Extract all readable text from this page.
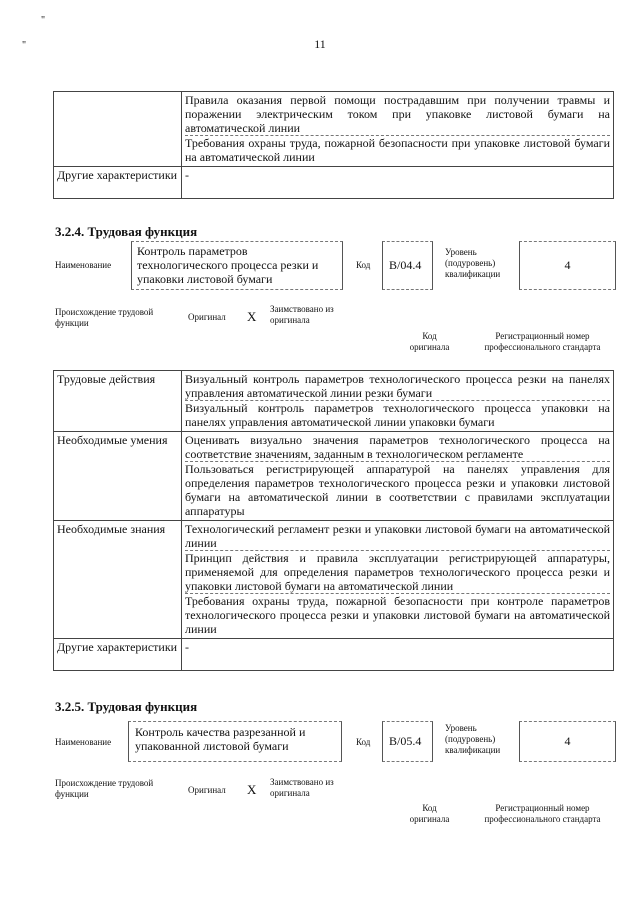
"
"	11

	Правила оказания первой помощи пострадавшим при получении травмы и поражении электрическим током при упаковке листовой бумаги на автоматической линии

Требования охраны труда, пожарной безопасности при упаковке листовой бумаги на автоматической линии

Другие характеристики	-

3.2.4. Трудовая функция
Наименование
Контроль параметров технологического процесса резки и упаковки листовой бумаги
Код	B/04.4
Уровень (подуровень) квалификации
4
Происхождение трудовой функции
Оригинал X Заимствовано из оригинала
Код оригинала
Регистрационный номер профессионального стандарта
Трудовые действия	Визуальный контроль параметров технологического процесса резки на панелях управления автоматической линии резки бумаги

Визуальный контроль параметров технологического процесса упаковки на панелях управления автоматической линии упаковки бумаги

Необходимые умения	Оценивать визуально значения параметров технологического процесса на соответствие значениям, заданным в технологическом регламенте

Пользоваться регистрирующей аппаратурой на панелях управления для определения параметров технологического процесса резки и упаковки листовой бумаги на автоматической линии в соответствии с правилами эксплуатации аппаратуры

Необходимые знания	Технологический регламент резки и упаковки листовой бумаги на автоматической линии

Принцип действия и правила эксплуатации регистрирующей аппаратуры, применяемой для определения параметров технологического процесса резки и упаковки листовой бумаги на автоматической линии

Требования охраны труда, пожарной безопасности при контроле параметров технологического процесса резки и упаковки листовой бумаги на автоматической линии

Другие характеристики	-

3.2.5. Трудовая функция
Наименование
Контроль качества разрезанной и упакованной листовой бумаги	Код	B/05.4
Уровень (подуровень) квалификации
4
Происхождение трудовой функции	Оригинал X Заимствовано из оригинала
Код оригинала
Регистрационный номер профессионального стандарта
